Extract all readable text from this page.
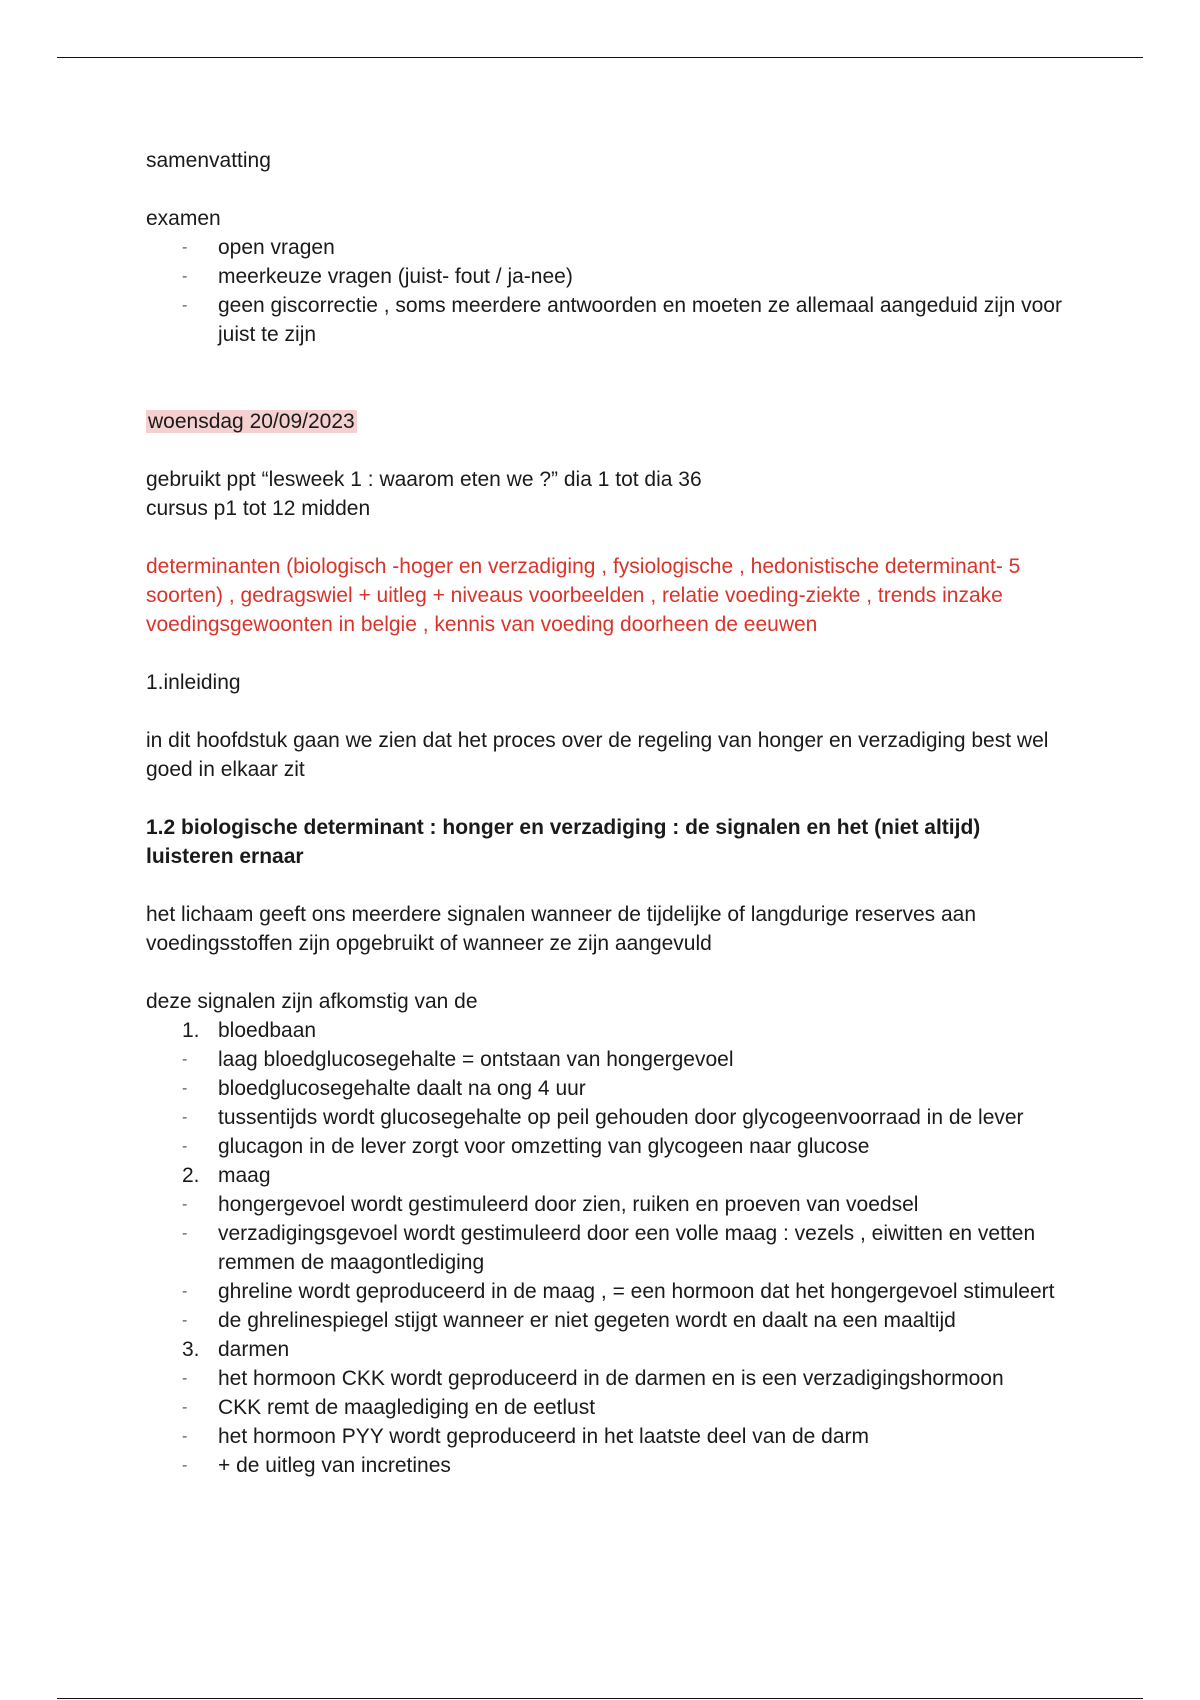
samenvatting

examen

- open vragen
- meerkeuze vragen (juist- fout / ja-nee)
- geen giscorrectie , soms meerdere antwoorden en moeten ze allemaal aangeduid zijn voor juist te zijn

woensdag 20/09/2023

gebruikt ppt “lesweek 1 : waarom eten we ?” dia 1 tot dia 36

cursus p1 tot 12 midden

determinanten (biologisch -hoger en verzadiging , fysiologische , hedonistische determinant- 5 soorten) , gedragswiel + uitleg + niveaus voorbeelden , relatie voeding-ziekte , trends inzake voedingsgewoonten in belgie , kennis van voeding doorheen de eeuwen

1.inleiding

in dit hoofdstuk gaan we zien dat het proces over de regeling van honger en verzadiging best wel goed in elkaar zit

1.2 biologische determinant : honger en verzadiging : de signalen en het (niet altijd) luisteren ernaar

het lichaam geeft ons meerdere signalen wanneer de tijdelijke of langdurige reserves aan voedingsstoffen zijn opgebruikt of wanneer ze zijn aangevuld

deze signalen zijn afkomstig van de

1. bloedbaan
- laag bloedglucosegehalte = ontstaan van hongergevoel
- bloedglucosegehalte daalt na ong 4 uur
- tussentijds wordt glucosegehalte op peil gehouden door glycogeenvoorraad in de lever
- glucagon in de lever zorgt voor omzetting van glycogeen naar glucose
2. maag
- hongergevoel wordt gestimuleerd door zien, ruiken en proeven van voedsel
- verzadigingsgevoel wordt gestimuleerd door een volle maag : vezels , eiwitten en vetten remmen de maagontlediging
- ghreline wordt geproduceerd in de maag , = een hormoon dat het hongergevoel stimuleert
- de ghrelinespiegel stijgt wanneer er niet gegeten wordt en daalt na een maaltijd
3. darmen
- het hormoon CKK wordt geproduceerd in de darmen en is een verzadigingshormoon
- CKK remt de maaglediging en de eetlust
- het hormoon PYY wordt geproduceerd in het laatste deel van de darm
- + de uitleg van incretines
